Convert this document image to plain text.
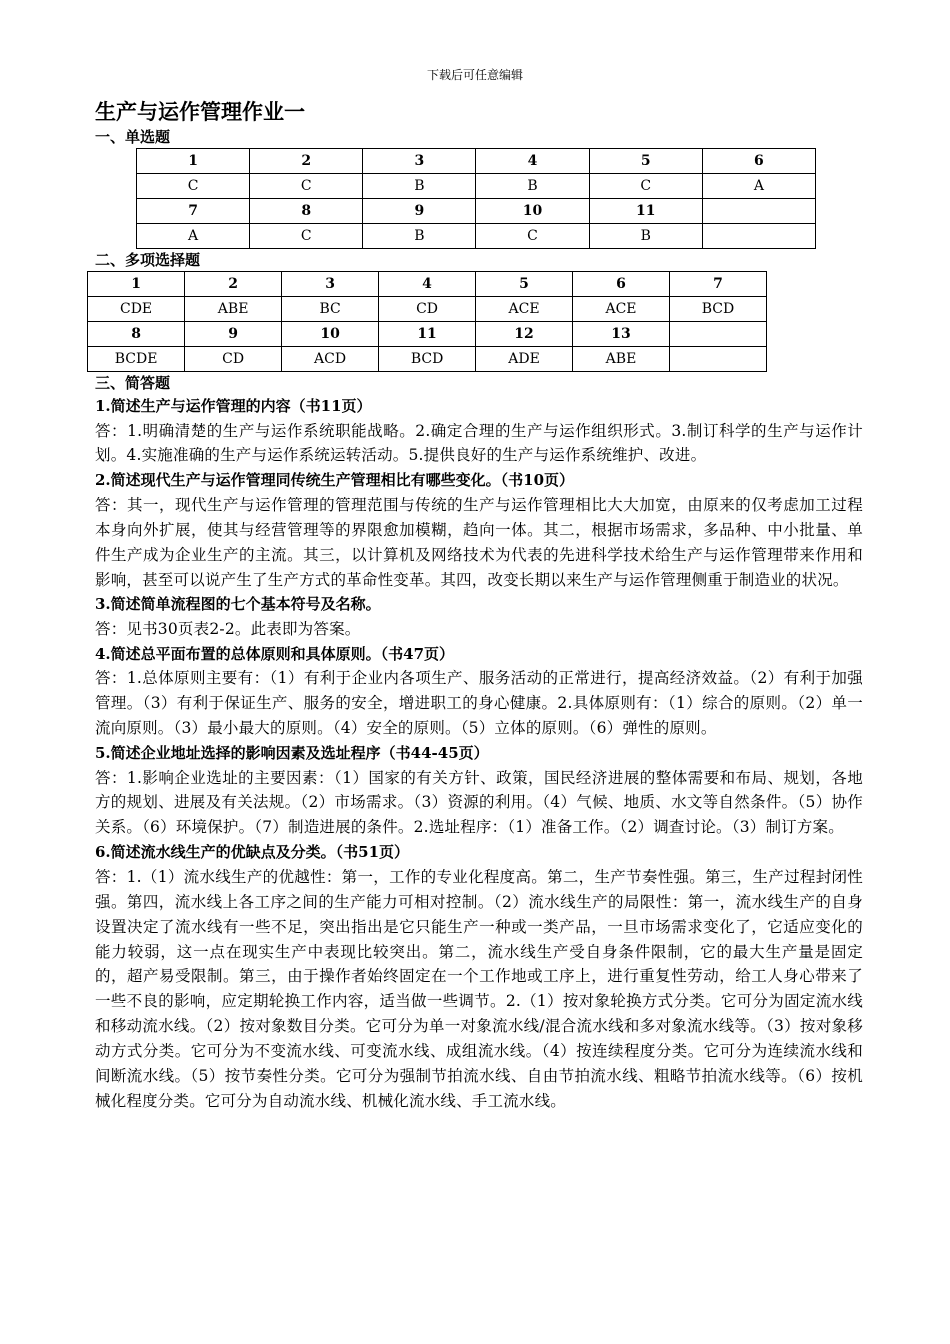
下载后可任意编辑
生产与运作管理作业一

一、单选题

1	2	3	4	5	6
C	C	B	B	C	A
7	8	9	10	11	
A	C	B	C	B	

二、多项选择题

1	2	3	4	5	6	7
CDE	ABE	BC	CD	ACE	ACE	BCD
8	9	10	11	12	13	
BCDE	CD	ACD	BCD	ADE	ABE	

三、简答题

1.简述生产与运作管理的内容（书11页）

答：1.明确清楚的生产与运作系统职能战略。2.确定合理的生产与运作组织形式。3.制订科学的生产与运作计划。4.实施准确的生产与运作系统运转活动。5.提供良好的生产与运作系统维护、改进。

2.简述现代生产与运作管理同传统生产管理相比有哪些变化。（书10页）

答：其一，现代生产与运作管理的管理范围与传统的生产与运作管理相比大大加宽，由原来的仅考虑加工过程本身向外扩展，使其与经营管理等的界限愈加模糊，趋向一体。其二，根据市场需求，多品种、中小批量、单件生产成为企业生产的主流。其三，以计算机及网络技术为代表的先进科学技术给生产与运作管理带来作用和影响，甚至可以说产生了生产方式的革命性变革。其四，改变长期以来生产与运作管理侧重于制造业的状况。

3.简述简单流程图的七个基本符号及名称。

答：见书30页表2-2。此表即为答案。

4.简述总平面布置的总体原则和具体原则。（书47页）

答：1.总体原则主要有：（1）有利于企业内各项生产、服务活动的正常进行，提高经济效益。（2）有利于加强管理。（3）有利于保证生产、服务的安全，增进职工的身心健康。2.具体原则有：（1）综合的原则。（2）单一流向原则。（3）最小最大的原则。（4）安全的原则。（5）立体的原则。（6）弹性的原则。

5.简述企业地址选择的影响因素及选址程序（书44-45页）

答：1.影响企业选址的主要因素：（1）国家的有关方针、政策，国民经济进展的整体需要和布局、规划，各地方的规划、进展及有关法规。（2）市场需求。（3）资源的利用。（4）气候、地质、水文等自然条件。（5）协作关系。（6）环境保护。（7）制造进展的条件。2.选址程序：（1）准备工作。（2）调查讨论。（3）制订方案。

6.简述流水线生产的优缺点及分类。（书51页）

答：1.（1）流水线生产的优越性：第一，工作的专业化程度高。第二，生产节奏性强。第三，生产过程封闭性强。第四，流水线上各工序之间的生产能力可相对控制。（2）流水线生产的局限性：第一，流水线生产的自身设置决定了流水线有一些不足，突出指出是它只能生产一种或一类产品，一旦市场需求变化了，它适应变化的能力较弱，这一点在现实生产中表现比较突出。第二，流水线生产受自身条件限制，它的最大生产量是固定的，超产易受限制。第三，由于操作者始终固定在一个工作地或工序上，进行重复性劳动，给工人身心带来了一些不良的影响，应定期轮换工作内容，适当做一些调节。2.（1）按对象轮换方式分类。它可分为固定流水线和移动流水线。（2）按对象数目分类。它可分为单一对象流水线/混合流水线和多对象流水线等。（3）按对象移动方式分类。它可分为不变流水线、可变流水线、成组流水线。（4）按连续程度分类。它可分为连续流水线和间断流水线。（5）按节奏性分类。它可分为强制节拍流水线、自由节拍流水线、粗略节拍流水线等。（6）按机械化程度分类。它可分为自动流水线、机械化流水线、手工流水线。
